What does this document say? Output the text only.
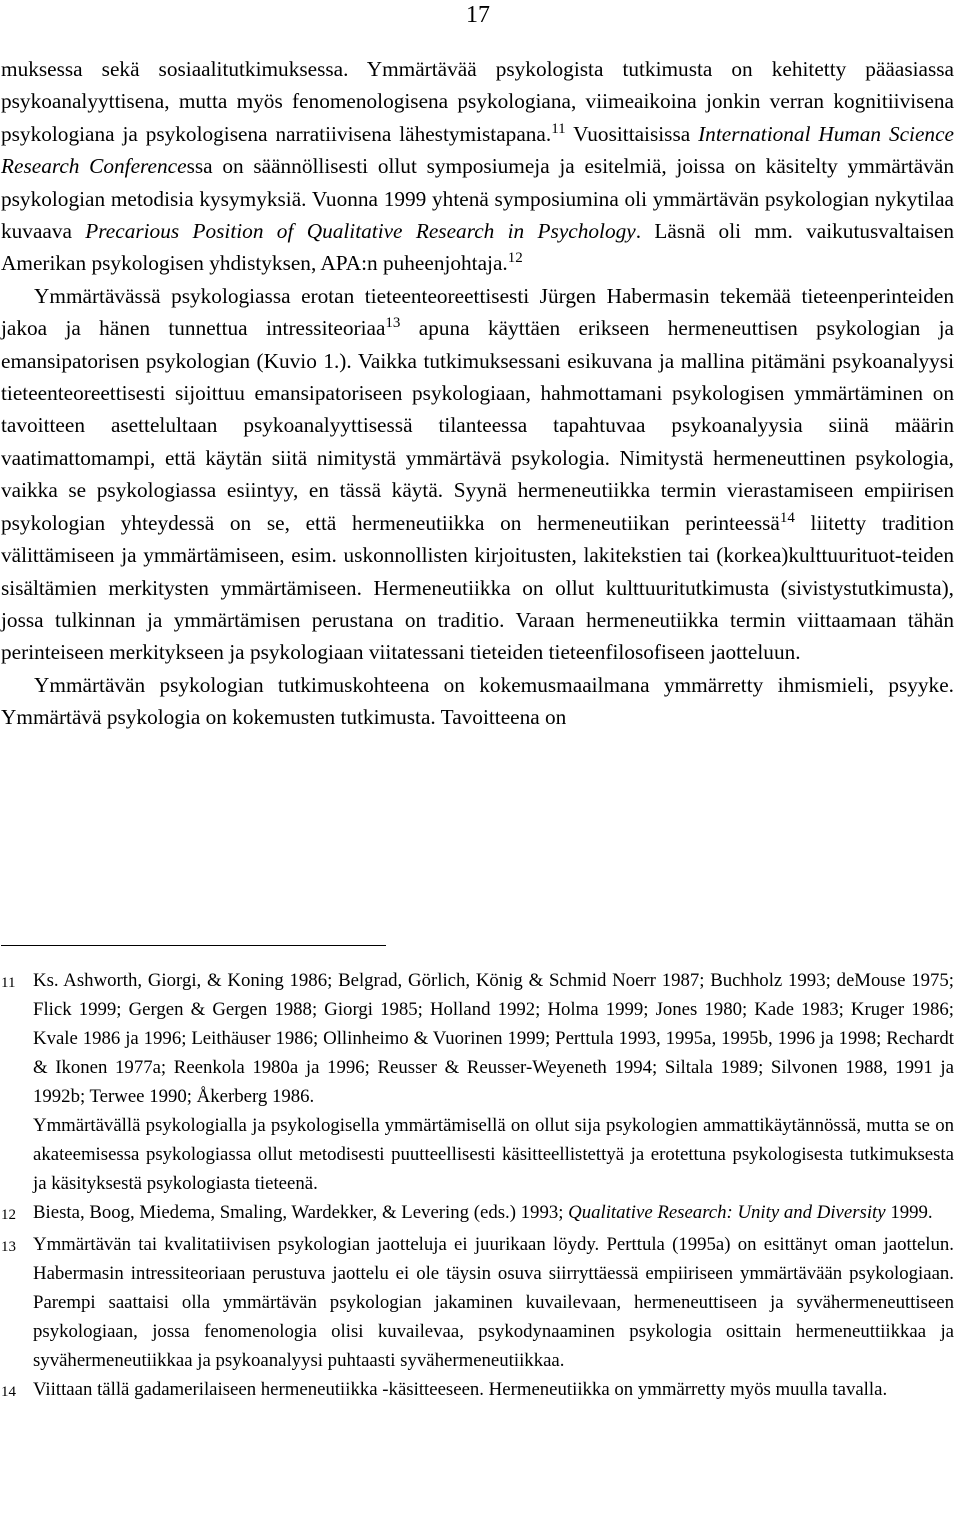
17

muksessa sekä sosiaalitutkimuksessa. Ymmärtävää psykologista tutkimusta on kehitetty pääasiassa psykoanalyyttisena, mutta myös fenomenologisena psykologiana, viimeaikoina jonkin verran kognitiivisena psykologiana ja psykologisena narratiivisena lähestymistapana.$^{11}$ Vuosittaisissa International Human Science Research Conferencessa on säännöllisesti ollut symposiumeja ja esitelmiä, joissa on käsitelty ymmärtävän psykologian metodisia kysymyksiä. Vuonna 1999 yhtenä symposiumina oli ymmärtävän psykologian nykytilaa kuvaava Precarious Position of Qualitative Research in Psychology. Läsnä oli mm. vaikutusvaltaisen Amerikan psykologisen yhdistyksen, APA:n puheenjohtaja.$^{12}$

Ymmärtävässä psykologiassa erotan tieteenteoreettisesti Jürgen Habermasin tekemää tieteenperinteiden jakoa ja hänen tunnettua intressiteoriaa$^{13}$ apuna käyttäen erikseen hermeneuttisen psykologian ja emansipatorisen psykologian (Kuvio 1.). Vaikka tutkimuksessani esikuvana ja mallina pitämäni psykoanalyysi tieteenteoreettisesti sijoittuu emansipatoriseen psykologiaan, hahmottamani psykologisen ymmärtäminen on tavoitteen asettelultaan psykoanalyyttisessä tilanteessa tapahtuvaa psykoanalyysia siinä määrin vaatimattomampi, että käytän siitä nimitystä ymmärtävä psykologia. Nimitystä hermeneuttinen psykologia, vaikka se psykologiassa esiintyy, en tässä käytä. Syynä hermeneutiikka termin vierastamiseen empiirisen psykologian yhteydessä on se, että hermeneutiikka on hermeneutiikan perinteessä$^{14}$ liitetty tradition välittämiseen ja ymmärtämiseen, esim. uskonnollisten kirjoitusten, lakitekstien tai (korkea)kulttuurituot-teiden sisältämien merkitysten ymmärtämiseen. Hermeneutiikka on ollut kulttuuritutkimusta (sivistystutkimusta), jossa tulkinnan ja ymmärtämisen perustana on traditio. Varaan hermeneutiikka termin viittaamaan tähän perinteiseen merkitykseen ja psykologiaan viitatessani tieteiden tieteenfilosofiseen jaotteluun.

Ymmärtävän psykologian tutkimuskohteena on kokemusmaailmana ymmärretty ihmismieli, psyyke. Ymmärtävä psykologia on kokemusten tutkimusta. Tavoitteena on

11 Ks. Ashworth, Giorgi, & Koning 1986; Belgrad, Görlich, König & Schmid Noerr 1987; Buchholz 1993; deMouse 1975; Flick 1999; Gergen & Gergen 1988; Giorgi 1985; Holland 1992; Holma 1999; Jones 1980; Kade 1983; Kruger 1986; Kvale 1986 ja 1996; Leithäuser 1986; Ollinheimo & Vuorinen 1999; Perttula 1993, 1995a, 1995b, 1996 ja 1998; Rechardt & Ikonen 1977a; Reenkola 1980a ja 1996; Reusser & Reusser-Weyeneth 1994; Siltala 1989; Silvonen 1988, 1991 ja 1992b; Terwee 1990; Åkerberg 1986.
Ymmärtävällä psykologialla ja psykologisella ymmärtämisellä on ollut sija psykologien ammattikäytännössä, mutta se on akateemisessa psykologiassa ollut metodisesti puutteellisesti käsitteellistettyä ja erotettuna psykologisesta tutkimuksesta ja käsityksestä psykologiasta tieteenä.
12 Biesta, Boog, Miedema, Smaling, Wardekker, & Levering (eds.) 1993; Qualitative Research: Unity and Diversity 1999.
13 Ymmärtävän tai kvalitatiivisen psykologian jaotteluja ei juurikaan löydy. Perttula (1995a) on esittänyt oman jaottelun. Habermasin intressiteoriaan perustuva jaottelu ei ole täysin osuva siirryttäessä empiiriseen ymmärtävään psykologiaan. Parempi saattaisi olla ymmärtävän psykologian jakaminen kuvailevaan, hermeneuttiseen ja syvähermeneuttiseen psykologiaan, jossa fenomenologia olisi kuvailevaa, psykodynaaminen psykologia osittain hermeneuttiikkaa ja syvähermeneutiikkaa ja psykoanalyysi puhtaasti syvähermeneutiikkaa.
14 Viittaan tällä gadamerilaiseen hermeneutiikka -käsitteeseen. Hermeneutiikka on ymmärretty myös muulla tavalla.
